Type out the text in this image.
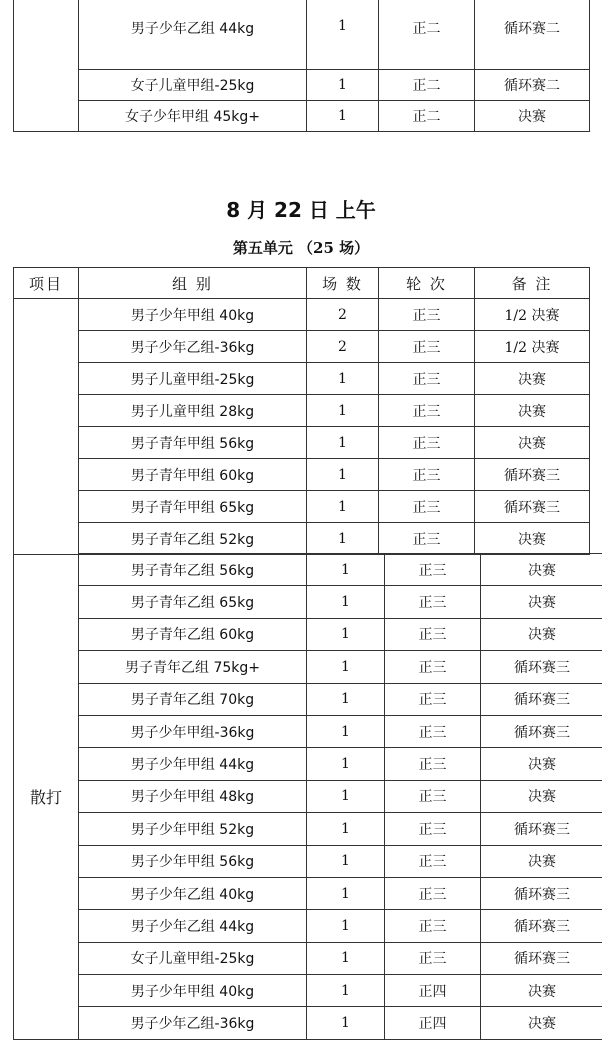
	男子少年乙组 44kg	1	正二	循环赛二
	女子儿童甲组-25kg	1	正二	循环赛二
	女子少年甲组 45kg+	1	正二	决赛
8 月 22 日 上午
第五单元 （25 场）
项目	组 别	场 数	轮 次	备 注
	男子少年甲组 40kg	2	正三	1/2 决赛
	男子少年乙组-36kg	2	正三	1/2 决赛
	男子儿童甲组-25kg	1	正三	决赛
	男子儿童甲组 28kg	1	正三	决赛
	男子青年甲组 56kg	1	正三	决赛
	男子青年甲组 60kg	1	正三	循环赛三
	男子青年甲组 65kg	1	正三	循环赛三
	男子青年乙组 52kg	1	正三	决赛
散打	男子青年乙组 56kg	1	正三	决赛
	男子青年乙组 65kg	1	正三	决赛
	男子青年乙组 60kg	1	正三	决赛
	男子青年乙组 75kg+	1	正三	循环赛三
	男子青年乙组 70kg	1	正三	循环赛三
	男子少年甲组-36kg	1	正三	循环赛三
	男子少年甲组 44kg	1	正三	决赛
	男子少年甲组 48kg	1	正三	决赛
	男子少年甲组 52kg	1	正三	循环赛三
	男子少年甲组 56kg	1	正三	决赛
	男子少年乙组 40kg	1	正三	循环赛三
	男子少年乙组 44kg	1	正三	循环赛三
	女子儿童甲组-25kg	1	正三	循环赛三
	男子少年甲组 40kg	1	正四	决赛
	男子少年乙组-36kg	1	正四	决赛
